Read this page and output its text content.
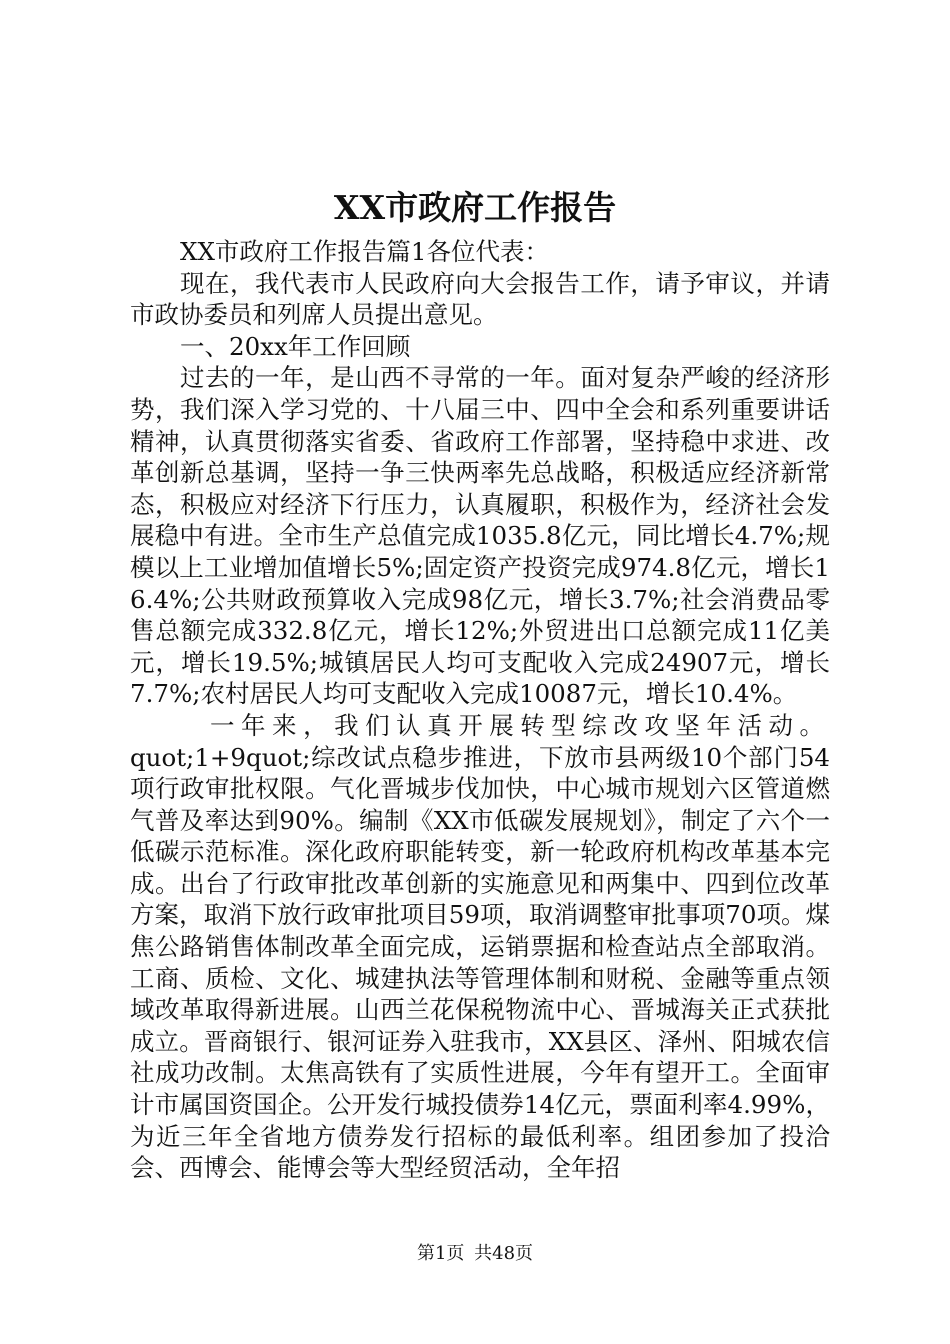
XX市政府工作报告

XX市政府工作报告篇1各位代表：

现在，我代表市人民政府向大会报告工作，请予审议，并请市政协委员和列席人员提出意见。

一、20xx年工作回顾

过去的一年，是山西不寻常的一年。面对复杂严峻的经济形势，我们深入学习党的、十八届三中、四中全会和系列重要讲话精神，认真贯彻落实省委、省政府工作部署，坚持稳中求进、改革创新总基调，坚持一争三快两率先总战略，积极适应经济新常态，积极应对经济下行压力，认真履职，积极作为，经济社会发展稳中有进。全市生产总值完成1035.8亿元，同比增长4.7%;规模以上工业增加值增长5%;固定资产投资完成974.8亿元，增长16.4%;公共财政预算收入完成98亿元，增长3.7%;社会消费品零售总额完成332.8亿元，增长12%;外贸进出口总额完成11亿美元，增长19.5%;城镇居民人均可支配收入完成24907元，增长7.7%;农村居民人均可支配收入完成10087元，增长10.4%。

一年来，我们认真开展转型综改攻坚年活动。

quot;1+9quot;综改试点稳步推进，下放市县两级10个部门54项行政审批权限。气化晋城步伐加快，中心城市规划六区管道燃气普及率达到90%。编制《XX市低碳发展规划》，制定了六个一低碳示范标准。深化政府职能转变，新一轮政府机构改革基本完成。出台了行政审批改革创新的实施意见和两集中、四到位改革方案，取消下放行政审批项目59项，取消调整审批事项70项。煤焦公路销售体制改革全面完成，运销票据和检查站点全部取消。工商、质检、文化、城建执法等管理体制和财税、金融等重点领域改革取得新进展。山西兰花保税物流中心、晋城海关正式获批成立。晋商银行、银河证券入驻我市，XX县区、泽州、阳城农信社成功改制。太焦高铁有了实质性进展，今年有望开工。全面审计市属国资国企。公开发行城投债券14亿元，票面利率4.99%，为近三年全省地方债券发行招标的最低利率。组团参加了投洽会、西博会、能博会等大型经贸活动，全年招

第1页 共48页
